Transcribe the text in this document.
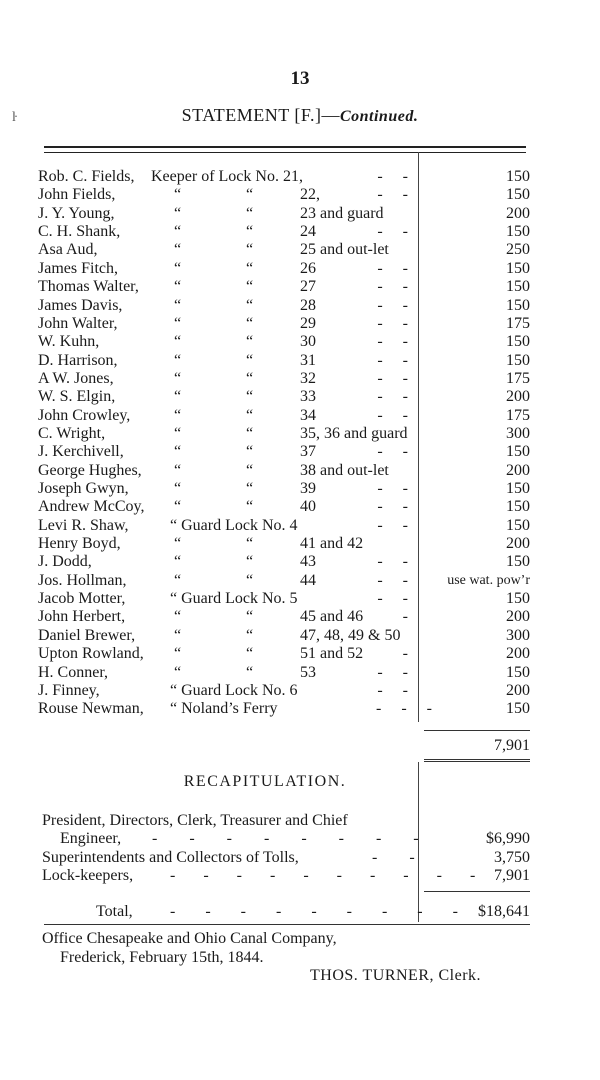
13
STATEMENT [F.]—Continued.
Rob. C. Fields, Keeper of Lock No. 21,	- -	150
John Fields,	“	“	22,	- -	150
J. Y. Young,	“	“	23 and guard	200
C. H. Shank,	“	“	24	- -	150
Asa Aud,	“	“	25 and out-let	250
James Fitch,	“	“	26	- -	150
Thomas Walter, “	“	27	- -	150
James Davis,	“	“	28	- -	150
John Walter,	“	“	29	- -	175
W. Kuhn,	“	“	30	- -	150
D. Harrison,	“	“	31	- -	150
A W. Jones,	“	“	32	- -	175
W. S. Elgin,	“	“	33	- -	200
John Crowley,	“	“	34	- -	175
C. Wright,	“	“	35, 36 and guard	300
J. Kerchivell,	“	“	37	- -	150
George Hughes, “	“	38 and out-let	200
Joseph Gwyn,	“	“	39	- -	150
Andrew McCoy, “	“	40	- -	150
Levi R. Shaw,	“ Guard Lock No. 4	- -	150
Henry Boyd,	“	“	41 and 42	200
J. Dodd,	“	“	43	- -	150
Jos. Hollman,	“	“	44	- - use wat. pow’r
Jacob Motter,	“ Guard Lock No. 5	- -	150
John Herbert,	“	“	45 and 46	-	200
Daniel Brewer, “	“	47, 48, 49 & 50	300
Upton Rowland, “	“	51 and 52	-	200
H. Conner,	“	“	53	- -	150
J. Finney,	“ Guard Lock No. 6	- -	200
Rouse Newman, “ Noland’s Ferry	- - -	150
7,901
RECAPITULATION.
President, Directors, Clerk, Treasurer and Chief
Engineer, - - - - - - - -	$6,990
Superintendents and Collectors of Tolls,	- -	3,750
Lock-keepers, - - - - - - - - - - 7,901
Total, - - - - - - - - - $18,641
Office Chesapeake and Ohio Canal Company,
Frederick, February 15th, 1844.
THOS. TURNER, Clerk.
ŀ
